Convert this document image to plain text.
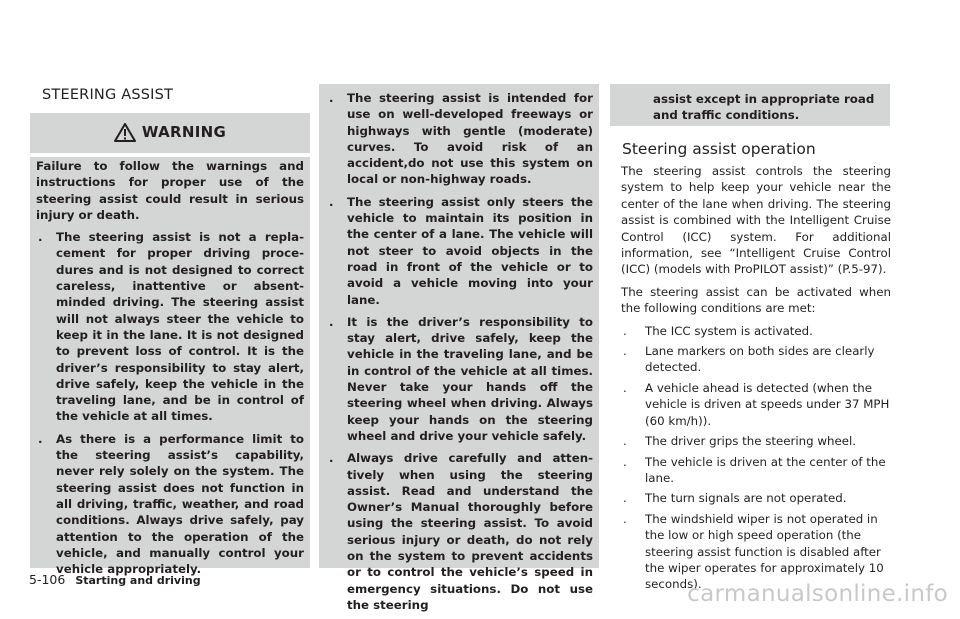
STEERING ASSIST
WARNING

Failure to follow the warnings and instructions for proper use of the steering assist could result in serious injury or death.

. The steering assist is not a replacement for proper driving procedures and is not designed to correct careless, inattentive or absent-minded driving. The steering assist will not always steer the vehicle to keep it in the lane. It is not designed to prevent loss of control. It is the driver’s responsibility to stay alert, drive safely, keep the vehicle in the traveling lane, and be in control of the vehicle at all times.
. As there is a performance limit to the steering assist’s capability, never rely solely on the system. The steering assist does not function in all driving, traffic, weather, and road conditions. Always drive safely, pay attention to the operation of the vehicle, and manually control your vehicle appropriately.
. The steering assist is intended for use on well-developed freeways or highways with gentle (moderate) curves. To avoid risk of an accident,do not use this system on local or non-highway roads.
. The steering assist only steers the vehicle to maintain its position in the center of a lane. The vehicle will not steer to avoid objects in the road in front of the vehicle or to avoid a vehicle moving into your lane.
. It is the driver’s responsibility to stay alert, drive safely, keep the vehicle in the traveling lane, and be in control of the vehicle at all times. Never take your hands off the steering wheel when driving. Always keep your hands on the steering wheel and drive your vehicle safely.
. Always drive carefully and attentively when using the steering assist. Read and understand the Owner’s Manual thoroughly before using the steering assist. To avoid serious injury or death, do not rely on the system to prevent accidents or to control the vehicle’s speed in emergency situations. Do not use the steering

assist except in appropriate road and traffic conditions.

Steering assist operation

The steering assist controls the steering system to help keep your vehicle near the center of the lane when driving. The steering assist is combined with the Intelligent Cruise Control (ICC) system. For additional information, see “Intelligent Cruise Control (ICC) (models with ProPILOT assist)” (P.5-97).

The steering assist can be activated when the following conditions are met:

. The ICC system is activated.
. Lane markers on both sides are clearly detected.
. A vehicle ahead is detected (when the vehicle is driven at speeds under 37 MPH (60 km/h)).
. The driver grips the steering wheel.
. The vehicle is driven at the center of the lane.
. The turn signals are not operated.
. The windshield wiper is not operated in the low or high speed operation (the steering assist function is disabled after the wiper operates for approximately 10 seconds).
5-106 Starting and driving
carmanualsonline.info
